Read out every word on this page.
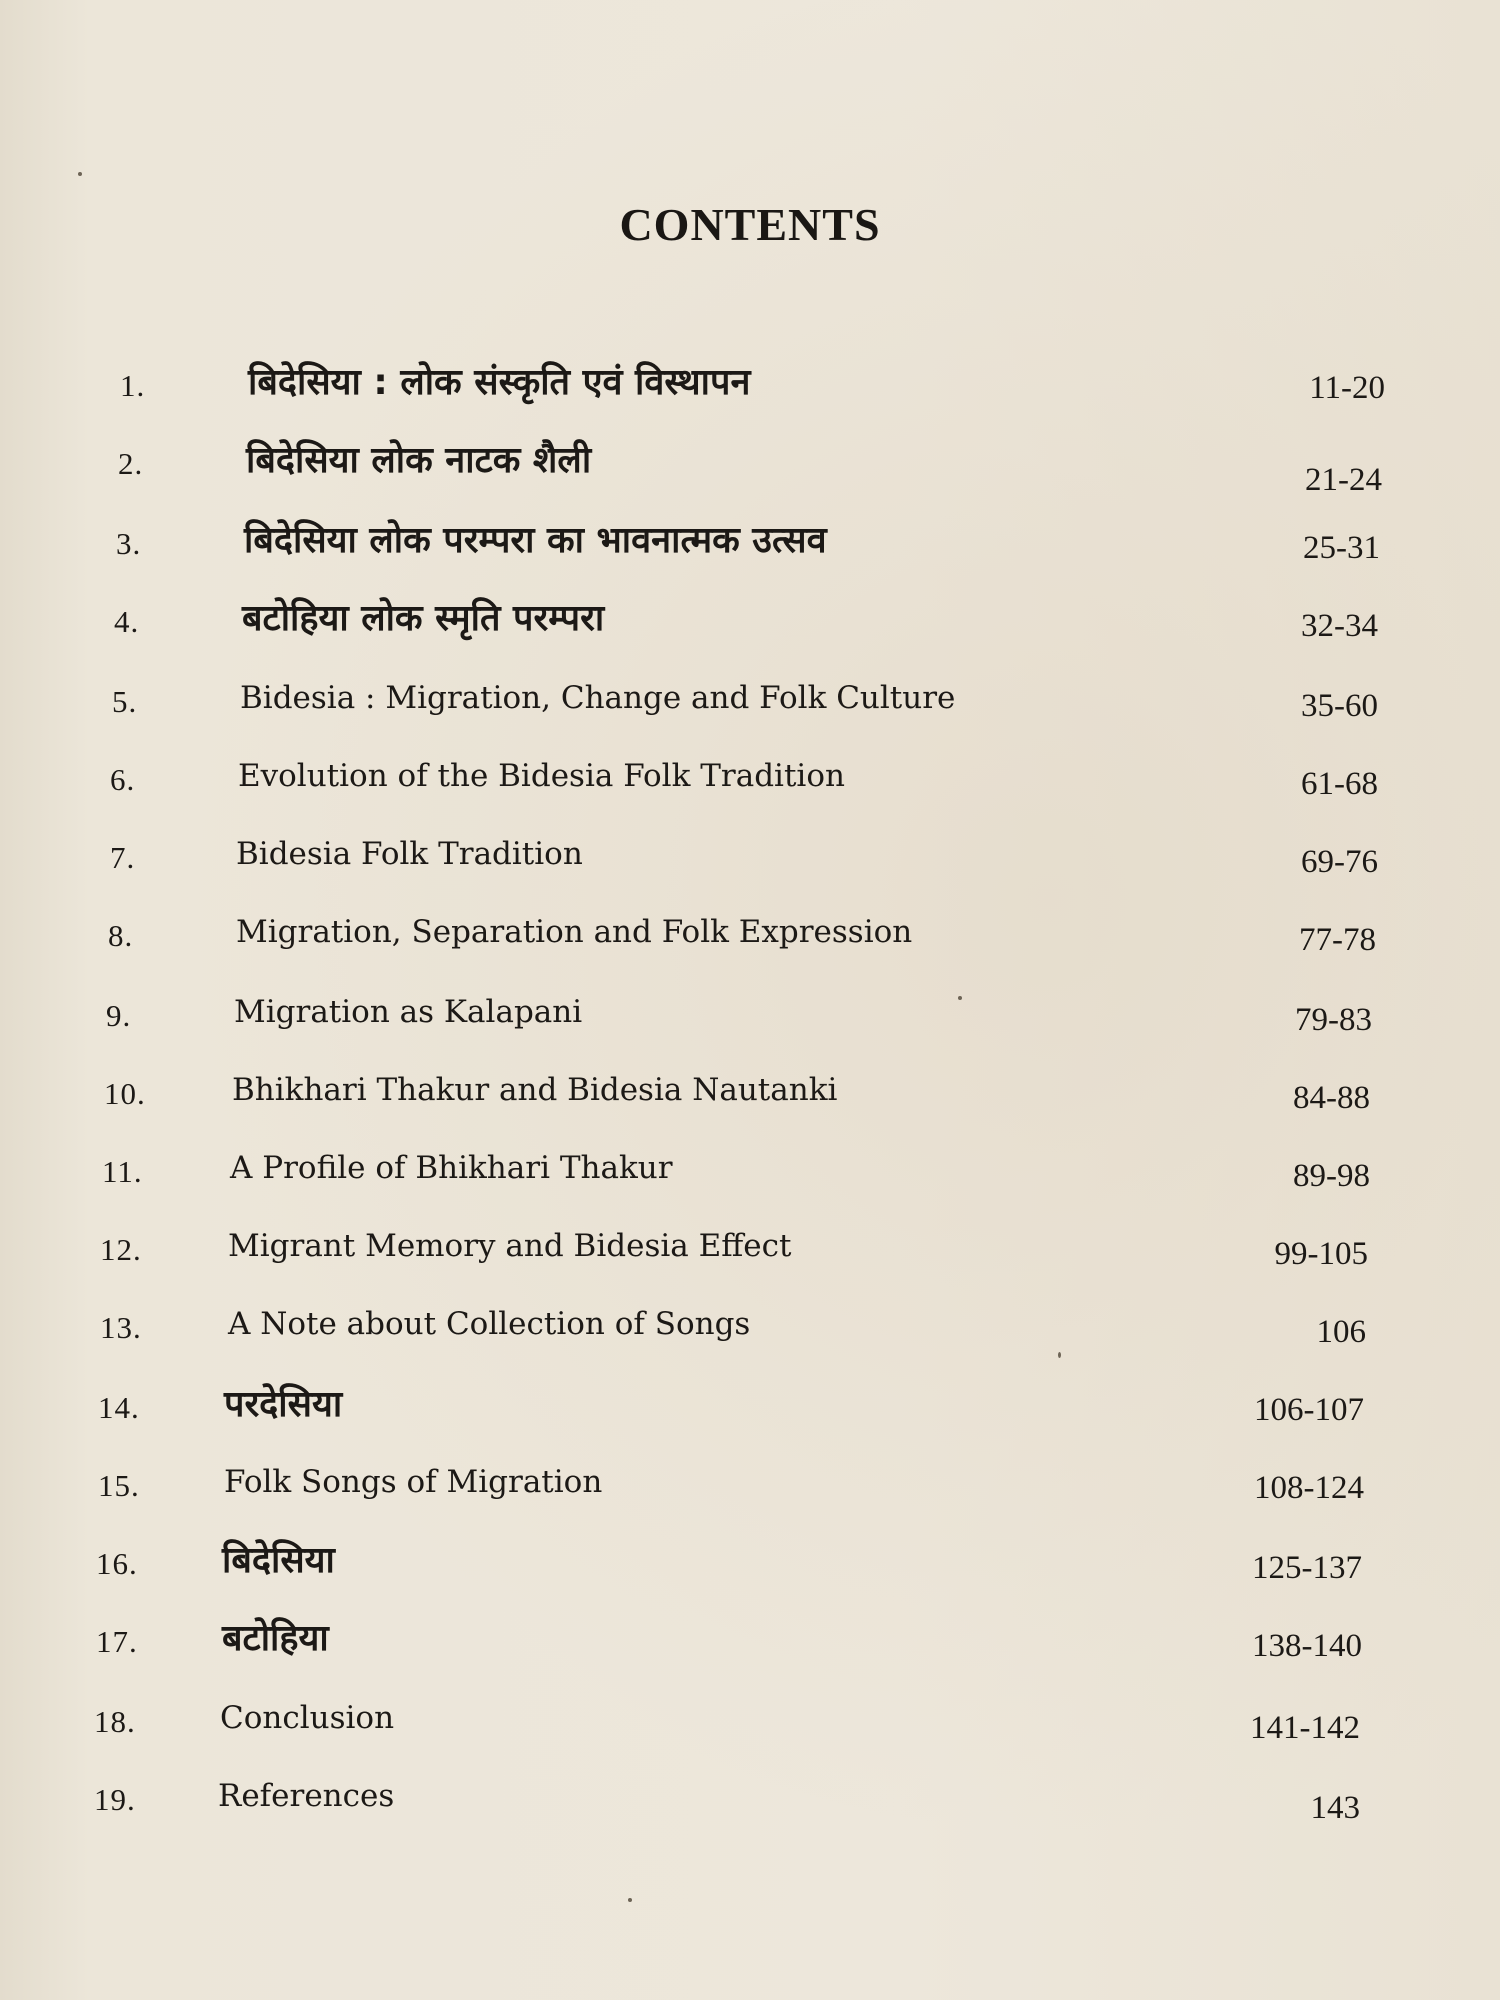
CONTENTS
1.	बिदेसिया : लोक संस्कृति एवं विस्थापन	11-20
2.	बिदेसिया लोक नाटक शैली	21-24
3.	बिदेसिया लोक परम्परा का भावनात्मक उत्सव	25-31
4.	बटोहिया लोक स्मृति परम्परा	32-34
5.	Bidesia : Migration, Change and Folk Culture	35-60
6.	Evolution of the Bidesia Folk Tradition	61-68
7.	Bidesia Folk Tradition	69-76
8.	Migration, Separation and Folk Expression	77-78
9.	Migration as Kalapani	79-83
10.	Bhikhari Thakur and Bidesia Nautanki	84-88
11.	A Profile of Bhikhari Thakur	89-98
12.	Migrant Memory and Bidesia Effect	99-105
13.	A Note about Collection of Songs	106
14. परदेसिया	106-107
15.	Folk Songs of Migration	108-124
16. बिदेसिया	125-137
17. बटोहिया	138-140
18.	Conclusion	141-142
19.	References	143
